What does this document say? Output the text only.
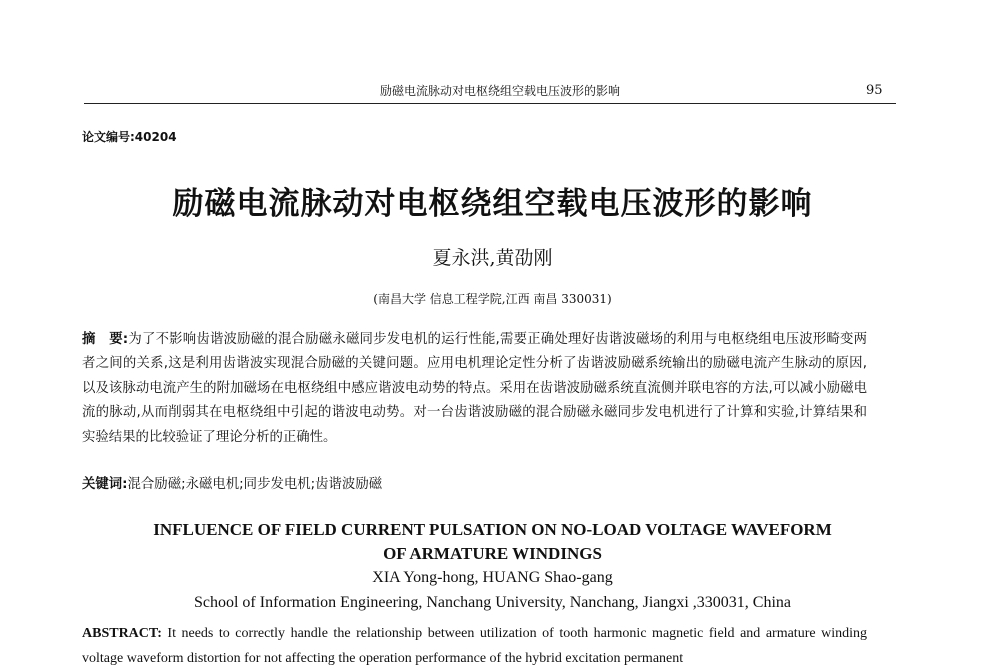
励磁电流脉动对电枢绕组空载电压波形的影响	95
论文编号:40204
励磁电流脉动对电枢绕组空载电压波形的影响
夏永洪,黄劭刚
(南昌大学 信息工程学院,江西 南昌 330031)
摘　要:为了不影响齿谐波励磁的混合励磁永磁同步发电机的运行性能,需要正确处理好齿谐波磁场的利用与电枢绕组电压波形畸变两者之间的关系,这是利用齿谐波实现混合励磁的关键问题。应用电机理论定性分析了齿谐波励磁系统输出的励磁电流产生脉动的原因,以及该脉动电流产生的附加磁场在电枢绕组中感应谐波电动势的特点。采用在齿谐波励磁系统直流侧并联电容的方法,可以减小励磁电流的脉动,从而削弱其在电枢绕组中引起的谐波电动势。对一台齿谐波励磁的混合励磁永磁同步发电机进行了计算和实验,计算结果和实验结果的比较验证了理论分析的正确性。
关键词:混合励磁;永磁电机;同步发电机;齿谐波励磁
INFLUENCE OF FIELD CURRENT PULSATION ON NO-LOAD VOLTAGE WAVEFORM
OF ARMATURE WINDINGS
XIA Yong-hong, HUANG Shao-gang
School of Information Engineering, Nanchang University, Nanchang, Jiangxi ,330031, China
ABSTRACT: It needs to correctly handle the relationship between utilization of tooth harmonic magnetic field and armature winding voltage waveform distortion for not affecting the operation performance of the hybrid excitation permanent
